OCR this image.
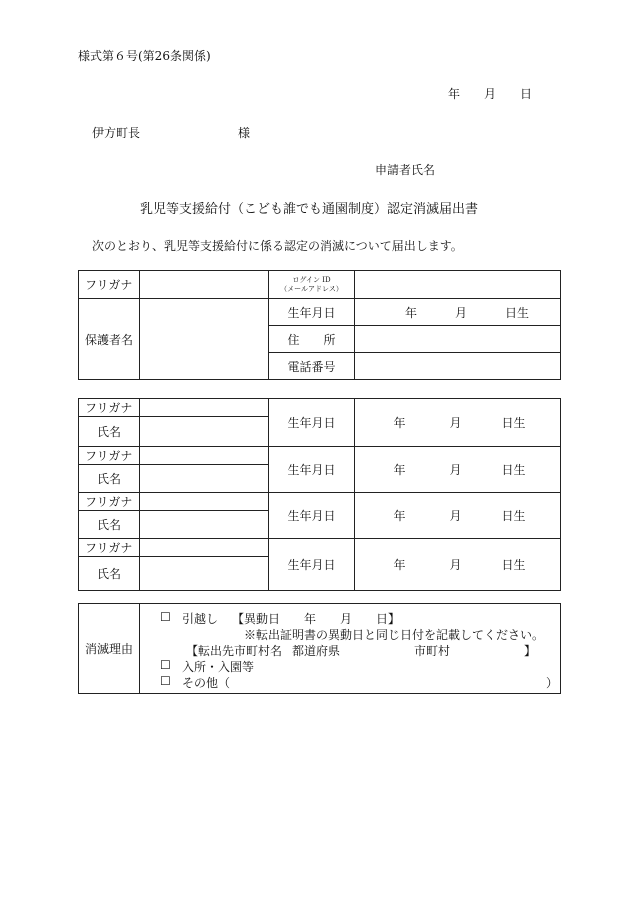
様式第６号(第26条関係)
年 月 日
伊方町長	様
申請者氏名
乳児等支援給付（こども誰でも通園制度）認定消滅届出書
次のとおり、乳児等支援給付に係る認定の消滅について届出します。
フリガナ		ログイン ID
（メールアドレス）	

保護者名		生年月日	年 月 日生

		住　　所	
		電話番号	
フリガナ		生年月日	年 月 日生

氏名			
フリガナ		生年月日	年 月 日生

氏名			
フリガナ		生年月日	年 月 日生

氏名			
フリガナ		生年月日	年 月 日生

氏名			
消滅理由	
☐ 引越し 【異動日　　年　　月　　日】
※転出証明書の異動日と同じ日付を記載してください。
【転出先市町村名 都道府県	市町村	】
☐ 入所・入園等
☐ その他（	）
